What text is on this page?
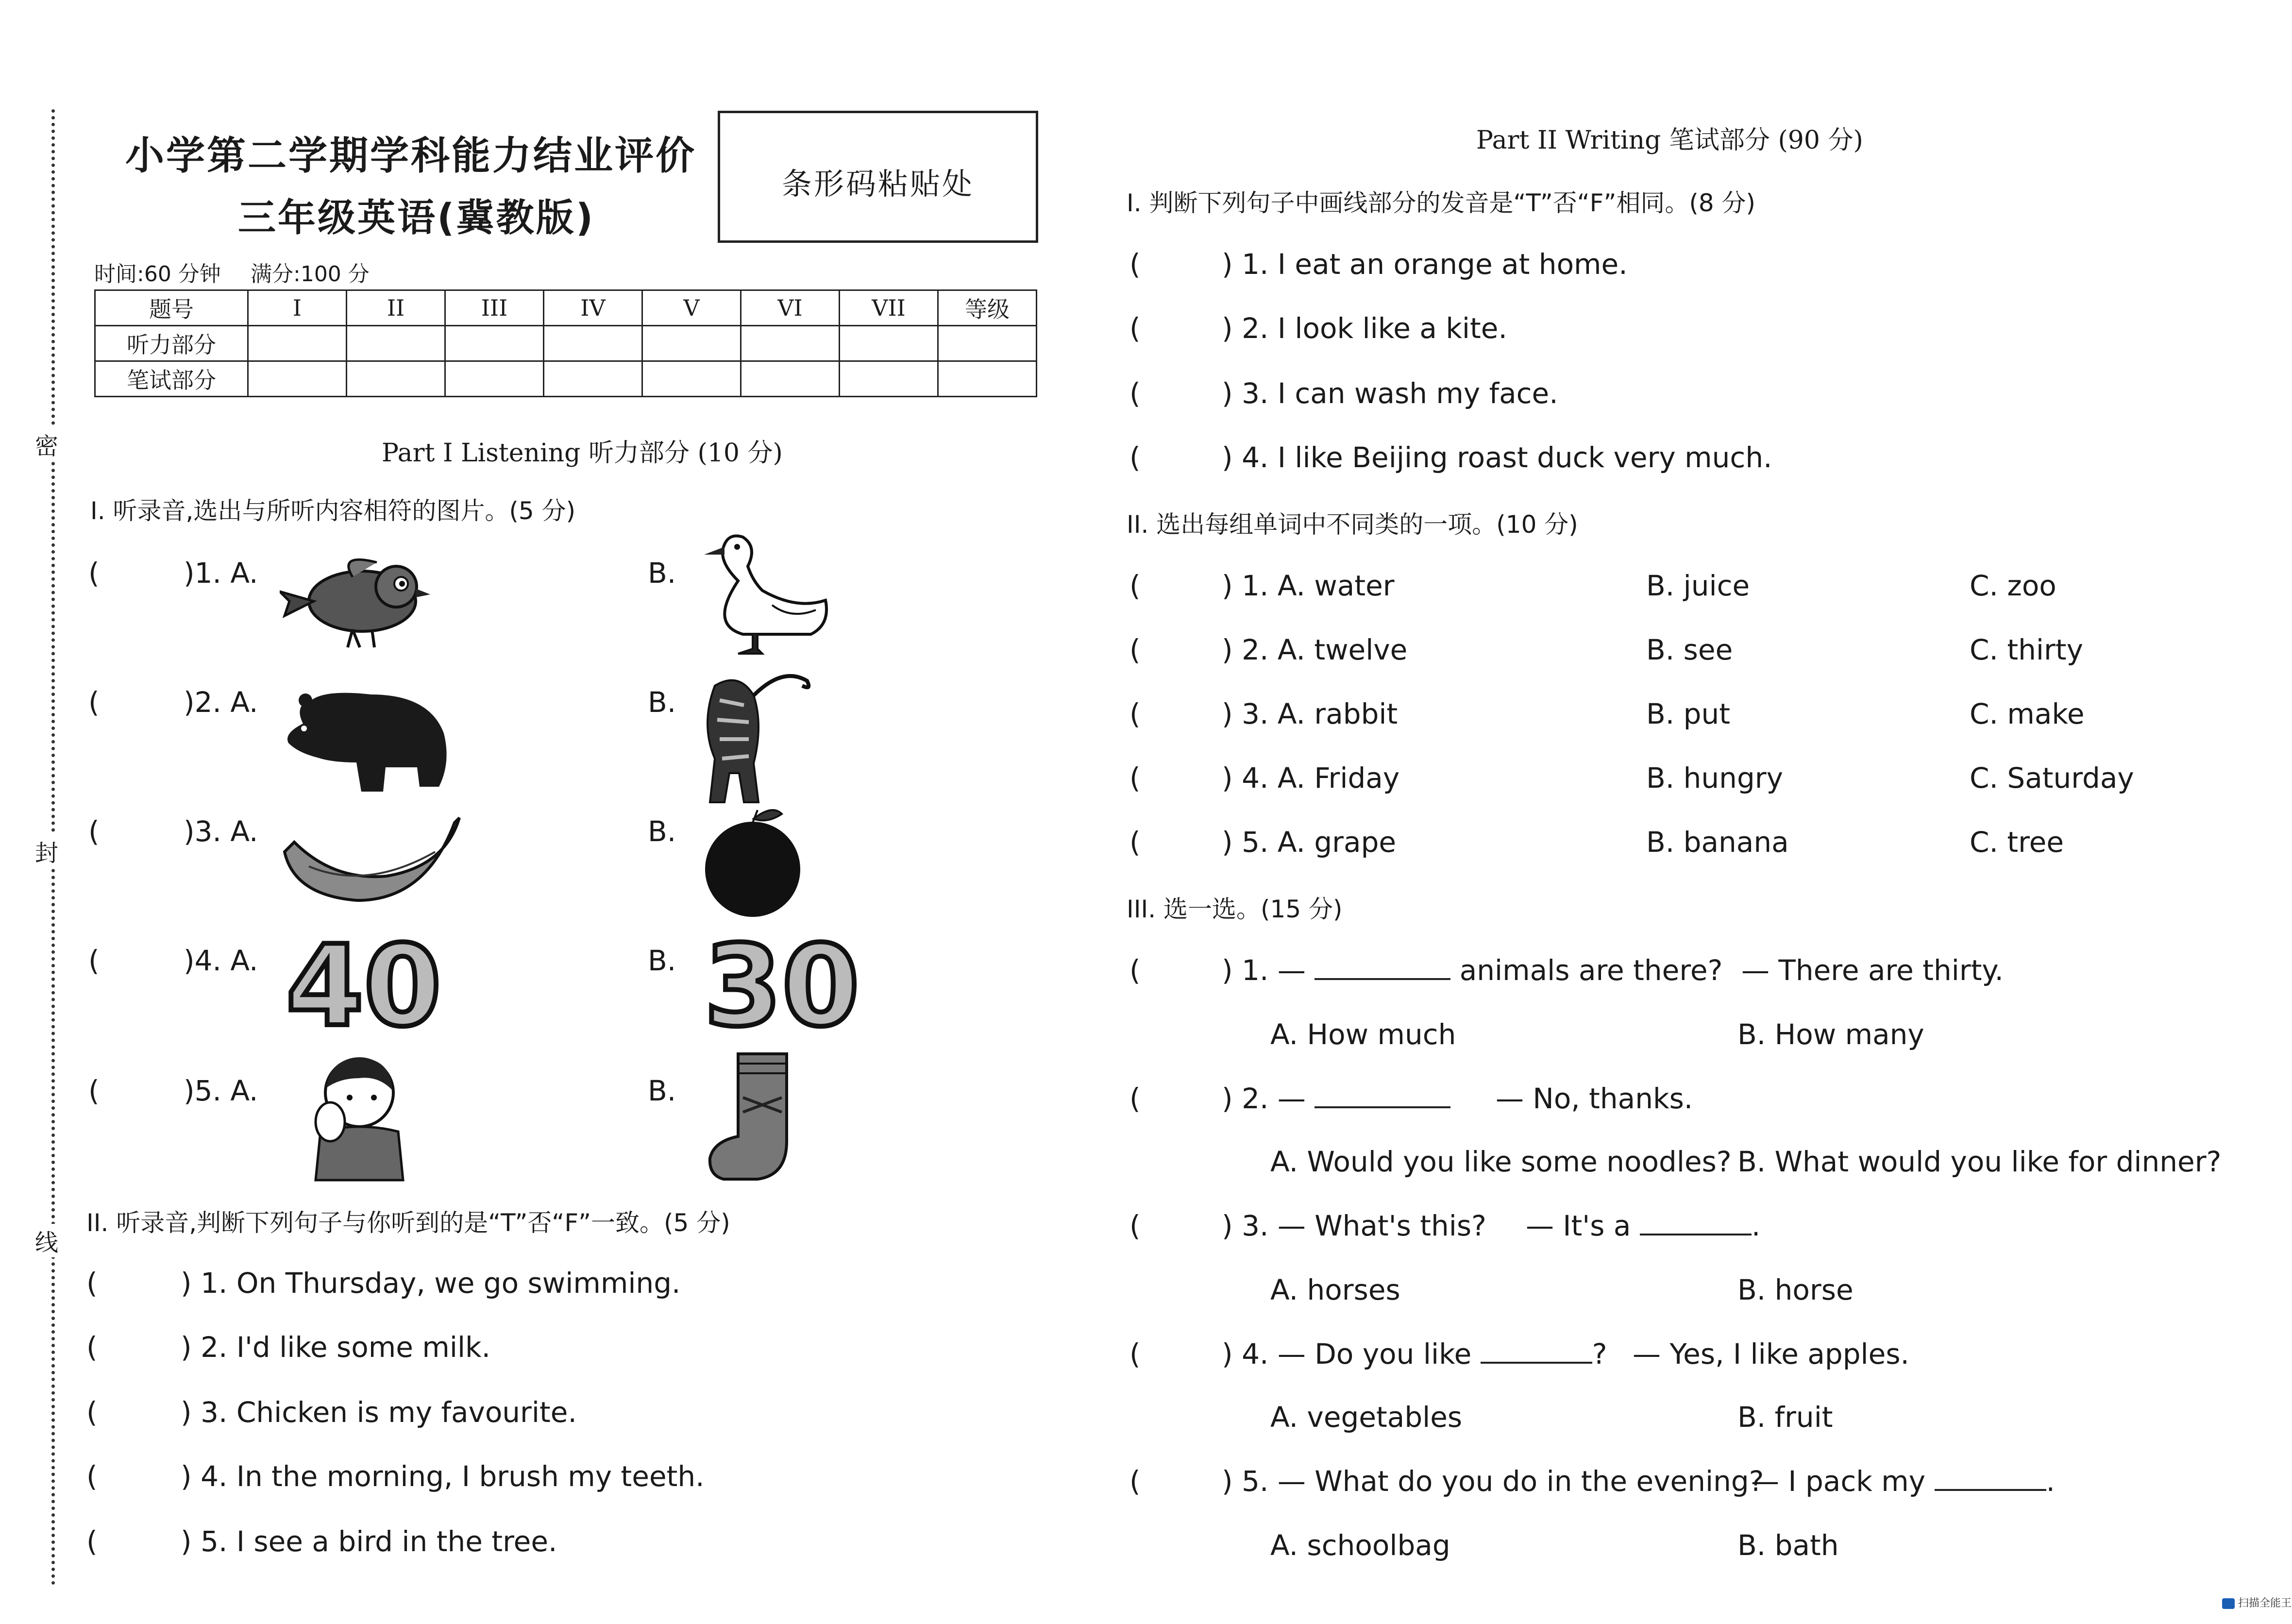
密
封
线
小学第二学期学科能力结业评价
三年级英语(冀教版)
条形码粘贴处
时间:60 分钟 满分:100 分
题号	I	II	III	IV	V	VI	VII	等级
听力部分								
笔试部分								
Part I Listening 听力部分 (10 分)
I. 听录音,选出与所听内容相符的图片。(5 分)
(	)1. A.	B.
(	)2. A.	B.
(	)3. A.	B.
(	)4. A.	B.
(	)5. A.	B.
40 30
II. 听录音,判断下列句子与你听到的是“T”否“F”一致。(5 分)
(	) 1. On Thursday, we go swimming.
(	) 2. I'd like some milk.
(	) 3. Chicken is my favourite.
(	) 4. In the morning, I brush my teeth.
(	) 5. I see a bird in the tree.
Part II Writing 笔试部分 (90 分)
I. 判断下列句子中画线部分的发音是“T”否“F”相同。(8 分)
(	) 1. I eat an orange at home.
(	) 2. I look like a kite.
(	) 3. I can wash my face.
(	) 4. I like Beijing roast duck very much.
II. 选出每组单词中不同类的一项。(10 分)
(	) 1. A. water	B. juice	C. zoo
(	) 2. A. twelve	B. see	C. thirty
(	) 3. A. rabbit	B. put	C. make
(	) 4. A. Friday	B. hungry	C. Saturday
(	) 5. A. grape	B. banana	C. tree
III. 选一选。(15 分)
(	) 1. —	animals are there? — There are thirty.
A. How much	B. How many
(	) 2. —	— No, thanks.
A. Would you like some noodles? B. What would you like for dinner?
(	) 3. — What's this? — It's a	.
A. horses	B. horse
(	) 4. — Do you like	? — Yes, I like apples.
A. vegetables	B. fruit
(	) 5. — What do you do in the evening?
— I pack my	.
A. schoolbag	B. bath
扫描全能王
